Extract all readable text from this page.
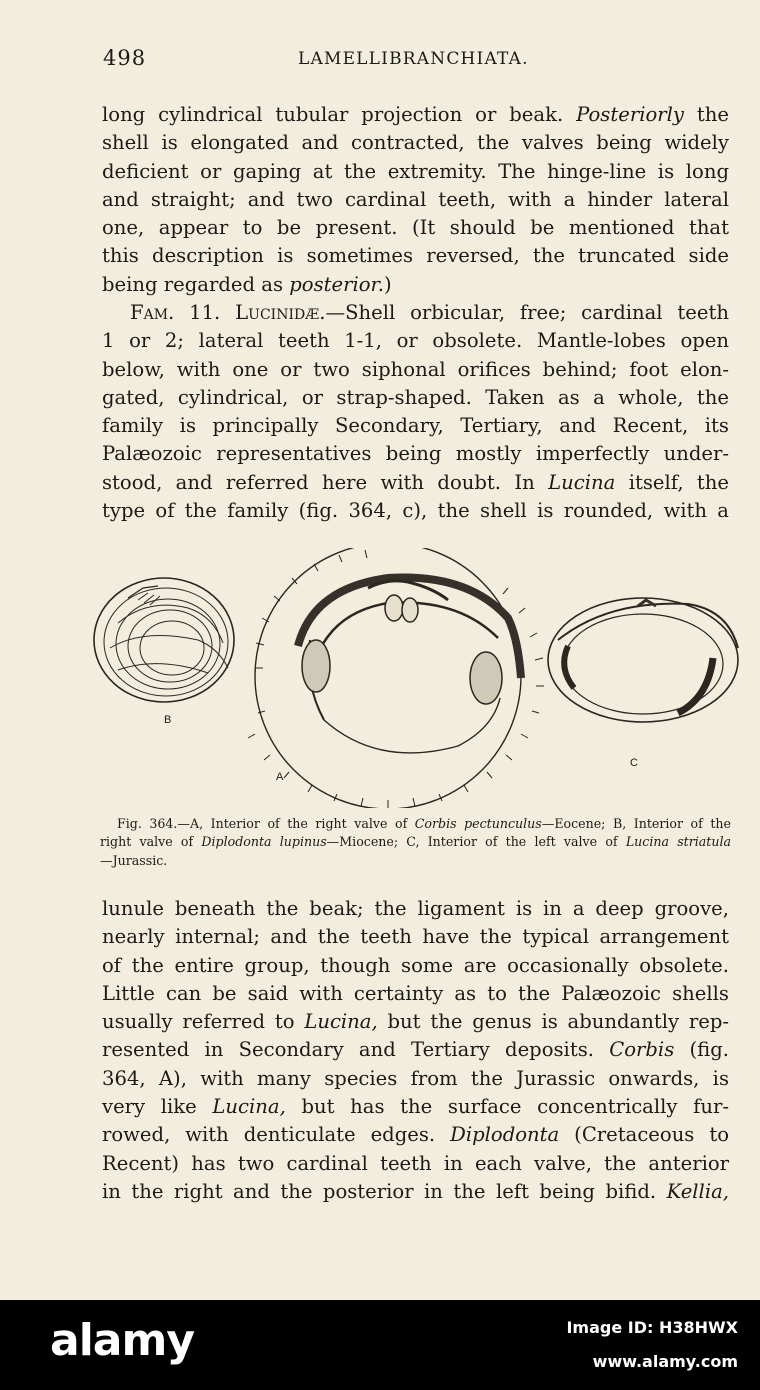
498	LAMELLIBRANCHIATA.
long cylindrical tubular projection or beak. Posteriorly the
shell is elongated and contracted, the valves being widely
deficient or gaping at the extremity. The hinge-line is long
and straight; and two cardinal teeth, with a hinder lateral
one, appear to be present. (It should be mentioned that
this description is sometimes reversed, the truncated side
being regarded as posterior.)
Fam. 11. Lucinidæ.—Shell orbicular, free; cardinal teeth
1 or 2; lateral teeth 1-1, or obsolete. Mantle-lobes open
below, with one or two siphonal orifices behind; foot elon-
gated, cylindrical, or strap-shaped. Taken as a whole, the
family is principally Secondary, Tertiary, and Recent, its
Palæozoic representatives being mostly imperfectly under-
stood, and referred here with doubt. In Lucina itself, the
type of the family (fig. 364, c), the shell is rounded, with a
B
A
C
Fig. 364.—A, Interior of the right valve of Corbis pectunculus—Eocene; B, Interior of the
right valve of Diplodonta lupinus—Miocene; C, Interior of the left valve of Lucina striatula
—Jurassic.
lunule beneath the beak; the ligament is in a deep groove,
nearly internal; and the teeth have the typical arrangement
of the entire group, though some are occasionally obsolete.
Little can be said with certainty as to the Palæozoic shells
usually referred to Lucina, but the genus is abundantly rep-
resented in Secondary and Tertiary deposits. Corbis (fig.
364, A), with many species from the Jurassic onwards, is
very like Lucina, but has the surface concentrically fur-
rowed, with denticulate edges. Diplodonta (Cretaceous to
Recent) has two cardinal teeth in each valve, the anterior
in the right and the posterior in the left being bifid. Kellia,
alamy	Image ID: H38HWX
www.alamy.com
